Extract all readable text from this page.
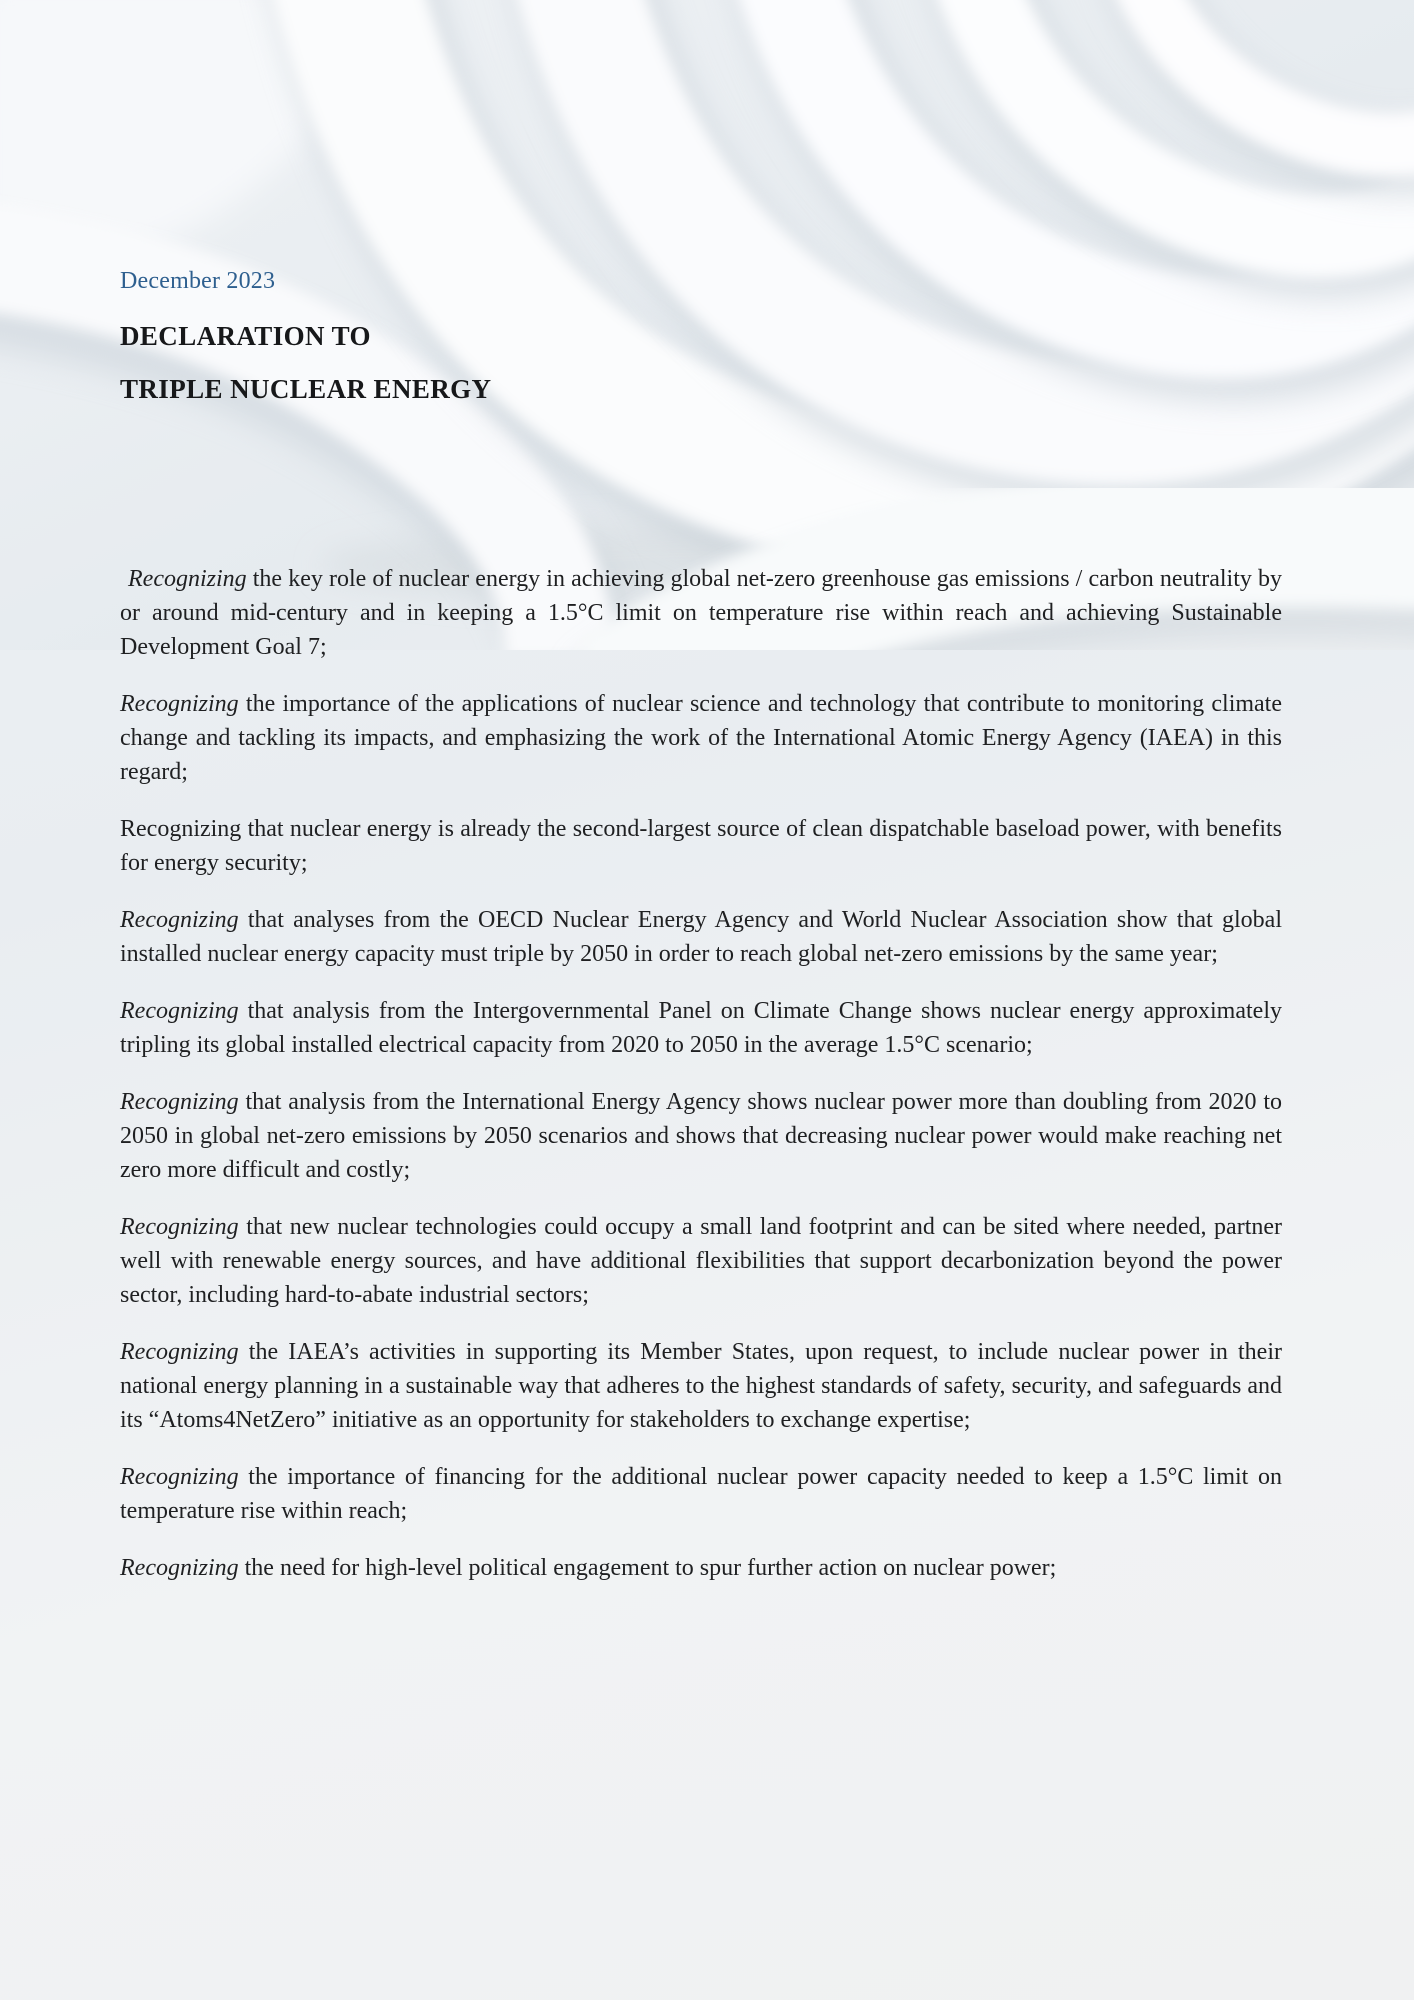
December 2023
DECLARATION TO
TRIPLE NUCLEAR ENERGY

Recognizing the key role of nuclear energy in achieving global net-zero greenhouse gas emissions / carbon neutrality by or around mid-century and in keeping a 1.5°C limit on temperature rise within reach and achieving Sustainable Development Goal 7;

Recognizing the importance of the applications of nuclear science and technology that contribute to monitoring climate change and tackling its impacts, and emphasizing the work of the International Atomic Energy Agency (IAEA) in this regard;

Recognizing that nuclear energy is already the second-largest source of clean dispatchable baseload power, with benefits for energy security;

Recognizing that analyses from the OECD Nuclear Energy Agency and World Nuclear Association show that global installed nuclear energy capacity must triple by 2050 in order to reach global net-zero emissions by the same year;

Recognizing that analysis from the Intergovernmental Panel on Climate Change shows nuclear energy approximately tripling its global installed electrical capacity from 2020 to 2050 in the average 1.5°C scenario;

Recognizing that analysis from the International Energy Agency shows nuclear power more than doubling from 2020 to 2050 in global net-zero emissions by 2050 scenarios and shows that decreasing nuclear power would make reaching net zero more difficult and costly;

Recognizing that new nuclear technologies could occupy a small land footprint and can be sited where needed, partner well with renewable energy sources, and have additional flexibilities that support decarbonization beyond the power sector, including hard-to-abate industrial sectors;

Recognizing the IAEA’s activities in supporting its Member States, upon request, to include nuclear power in their national energy planning in a sustainable way that adheres to the highest standards of safety, security, and safeguards and its “Atoms4NetZero” initiative as an opportunity for stakeholders to exchange expertise;

Recognizing the importance of financing for the additional nuclear power capacity needed to keep a 1.5°C limit on temperature rise within reach;

Recognizing the need for high-level political engagement to spur further action on nuclear power;
